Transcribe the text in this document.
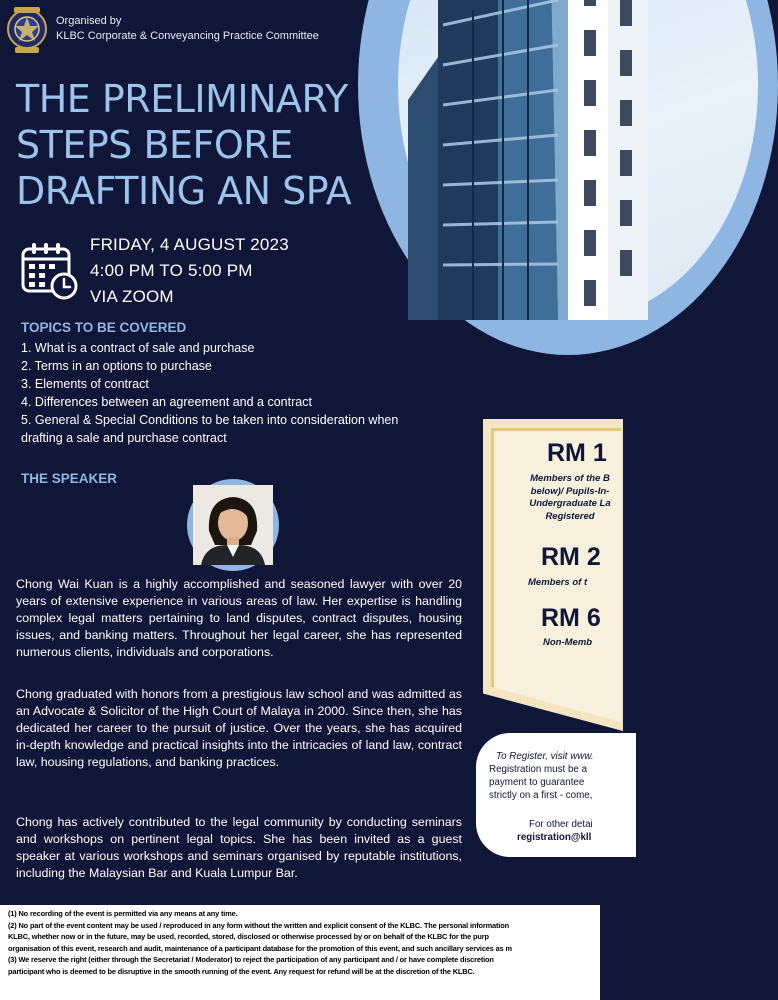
Organised by
KLBC Corporate & Conveyancing Practice Committee
THE PRELIMINARY
STEPS BEFORE
DRAFTING AN SPA
FRIDAY, 4 AUGUST 2023
4:00 PM TO 5:00 PM
VIA ZOOM
TOPICS TO BE COVERED
1. What is a contract of sale and purchase
2. Terms in an options to purchase
3. Elements of contract
4. Differences between an agreement and a contract
5. General & Special Conditions to be taken into consideration when
drafting a sale and purchase contract
THE SPEAKER

Chong Wai Kuan is a highly accomplished and seasoned lawyer with over 20 years of extensive experience in various areas of law. Her expertise is handling complex legal matters pertaining to land disputes, contract disputes, housing issues, and banking matters. Throughout her legal career, she has represented numerous clients, individuals and corporations.

Chong graduated with honors from a prestigious law school and was admitted as an Advocate & Solicitor of the High Court of Malaya in 2000. Since then, she has dedicated her career to the pursuit of justice. Over the years, she has acquired in-depth knowledge and practical insights into the intricacies of land law, contract law, housing regulations, and banking practices.

Chong has actively contributed to the legal community by conducting seminars and workshops on pertinent legal topics. She has been invited as a guest speaker at various workshops and seminars organised by reputable institutions, including the Malaysian Bar and Kuala Lumpur Bar.

RM 1
Members of the B
below)/ Pupils-In-
Undergraduate La
Registered
RM 2
Members of t
RM 6
Non-Memb
To Register, visit www.
Registration must be a
payment to guarantee
strictly on a first - come,
For other detai
registration@kll

(1) No recording of the event is permitted via any means at any time.

(2) No part of the event content may be used / reproduced in any form without the written and explicit consent of the KLBC. The personal information

KLBC, whether now or in the future, may be used, recorded, stored, disclosed or otherwise processed by or on behalf of the KLBC for the purp

organisation of this event, research and audit, maintenance of a participant database for the promotion of this event, and such ancillary services as m

(3) We reserve the right (either through the Secretariat / Moderator) to reject the participation of any participant and / or have complete discretion

participant who is deemed to be disruptive in the smooth running of the event. Any request for refund will be at the discretion of the KLBC.
